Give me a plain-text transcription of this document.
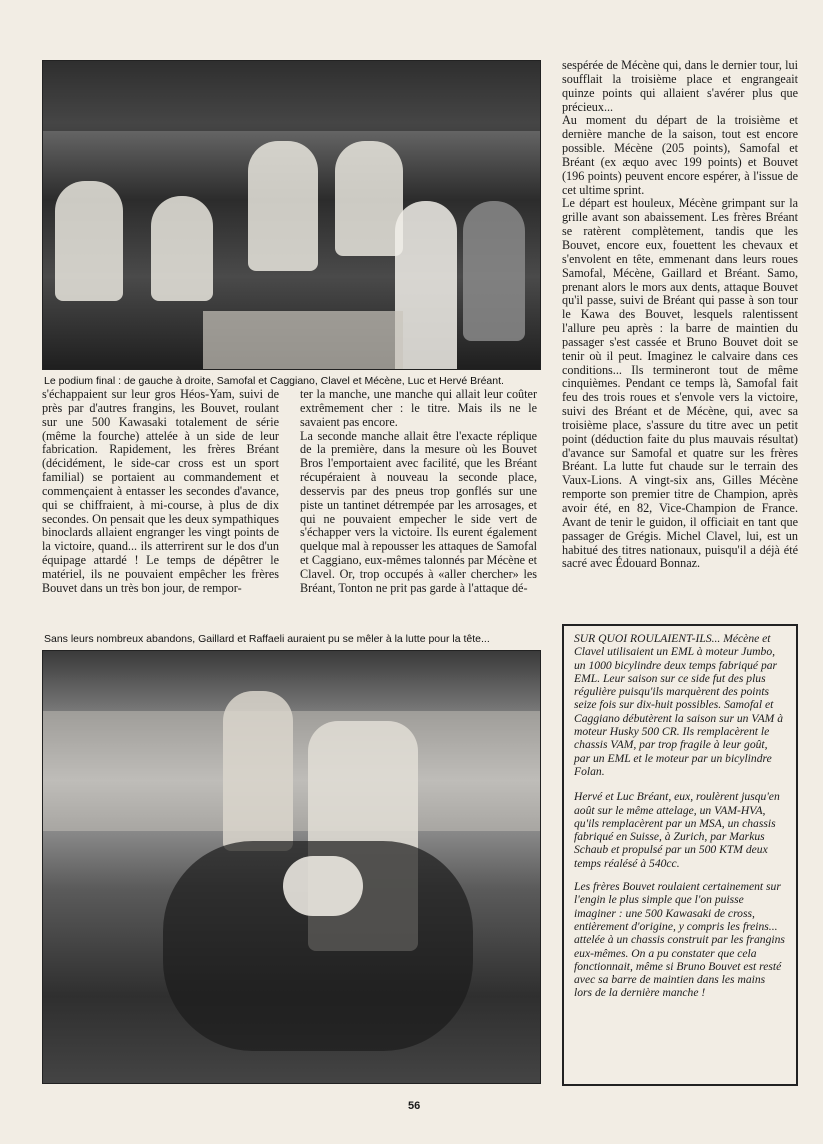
Le podium final : de gauche à droite, Samofal et Caggiano, Clavel et Mécène, Luc et Hervé Bréant.

s'échappaient sur leur gros Héos-Yam, suivi de près par d'autres frangins, les Bouvet, roulant sur une 500 Kawasaki totalement de série (même la fourche) attelée à un side de leur fabrication. Rapidement, les frères Bréant (décidément, le side-car cross est un sport familial) se portaient au commandement et commençaient à entasser les secondes d'avance, qui se chiffraient, à mi-course, à plus de dix secondes. On pensait que les deux sympathiques binoclards allaient engranger les vingt points de la victoire, quand... ils atterrirent sur le dos d'un équipage attardé ! Le temps de dépêtrer le matériel, ils ne pouvaient empêcher les frères Bouvet dans un très bon jour, de rempor-

ter la manche, une manche qui allait leur coûter extrêmement cher : le titre. Mais ils ne le savaient pas encore.

La seconde manche allait être l'exacte réplique de la première, dans la mesure où les Bouvet Bros l'emportaient avec facilité, que les Bréant récupéraient à nouveau la seconde place, desservis par des pneus trop gonflés sur une piste un tantinet détrempée par les arrosages, et qui ne pouvaient empecher le side vert de s'échapper vers la victoire. Ils eurent également quelque mal à repousser les attaques de Samofal et Caggiano, eux-mêmes talonnés par Mécène et Clavel. Or, trop occupés à «aller chercher» les Bréant, Tonton ne prit pas garde à l'attaque dé-

Sans leurs nombreux abandons, Gaillard et Raffaeli auraient pu se mêler à la lutte pour la tête...

sespérée de Mécène qui, dans le dernier tour, lui soufflait la troisième place et engrangeait quinze points qui allaient s'avérer plus que précieux...

Au moment du départ de la troisième et dernière manche de la saison, tout est encore possible. Mécène (205 points), Samofal et Bréant (ex æquo avec 199 points) et Bouvet (196 points) peuvent encore espérer, à l'issue de cet ultime sprint.

Le départ est houleux, Mécène grimpant sur la grille avant son abaissement. Les frères Bréant se ratèrent complètement, tandis que les Bouvet, encore eux, fouettent les chevaux et s'envolent en tête, emmenant dans leurs roues Samofal, Mécène, Gaillard et Bréant. Samo, prenant alors le mors aux dents, attaque Bouvet qu'il passe, suivi de Bréant qui passe à son tour le Kawa des Bouvet, lesquels ralentissent l'allure peu après : la barre de maintien du passager s'est cassée et Bruno Bouvet doit se tenir où il peut. Imaginez le calvaire dans ces conditions... Ils termineront tout de même cinquièmes. Pendant ce temps là, Samofal fait feu des trois roues et s'envole vers la victoire, suivi des Bréant et de Mécène, qui, avec sa troisième place, s'assure du titre avec un petit point (déduction faite du plus mauvais résultat) d'avance sur Samofal et quatre sur les frères Bréant. La lutte fut chaude sur le terrain des Vaux-Lions. A vingt-six ans, Gilles Mécène remporte son premier titre de Champion, après avoir été, en 82, Vice-Champion de France. Avant de tenir le guidon, il officiait en tant que passager de Grégis. Michel Clavel, lui, est un habitué des titres nationaux, puisqu'il a déjà été sacré avec Édouard Bonnaz.

SUR QUOI ROULAIENT-ILS... Mécène et Clavel utilisaient un EML à moteur Jumbo, un 1000 bicylindre deux temps fabriqué par EML. Leur saison sur ce side fut des plus régulière puisqu'ils marquèrent des points seize fois sur dix-huit possibles. Samofal et Caggiano débutèrent la saison sur un VAM à moteur Husky 500 CR. Ils remplacèrent le chassis VAM, par trop fragile à leur goût, par un EML et le moteur par un bicylindre Folan.

Hervé et Luc Bréant, eux, roulèrent jusqu'en août sur le même attelage, un VAM-HVA, qu'ils remplacèrent par un MSA, un chassis fabriqué en Suisse, à Zurich, par Markus Schaub et propulsé par un 500 KTM deux temps réalésé à 540cc.

Les frères Bouvet roulaient certainement sur l'engin le plus simple que l'on puisse imaginer : une 500 Kawasaki de cross, entièrement d'origine, y compris les freins... attelée à un chassis construit par les frangins eux-mêmes. On a pu constater que cela fonctionnait, même si Bruno Bouvet est resté avec sa barre de maintien dans les mains lors de la dernière manche !

56
